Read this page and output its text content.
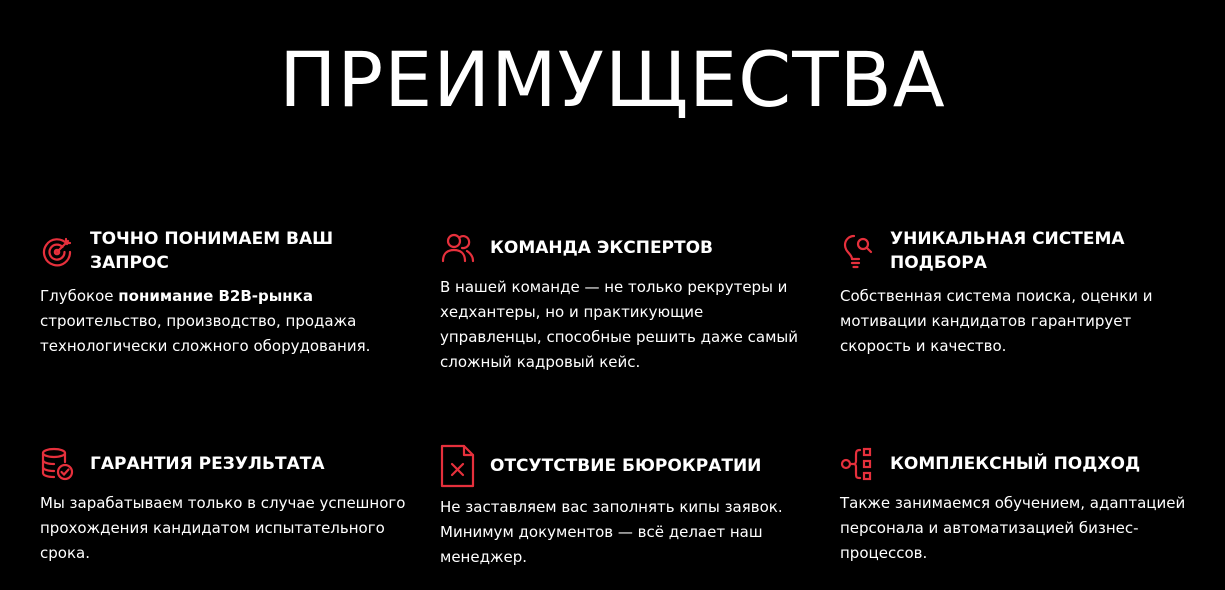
ПРЕИМУЩЕСТВА
ТОЧНО ПОНИМАЕМ ВАШ ЗАПРОС
Глубокое понимание B2B-рынка строительство, производство, продажа технологически сложного оборудования.
КОМАНДА ЭКСПЕРТОВ
В нашей команде — не только рекрутеры и хедхантеры, но и практикующие управленцы, способные решить даже самый сложный кадровый кейс.
УНИКАЛЬНАЯ СИСТЕМА ПОДБОРА
Собственная система поиска, оценки и мотивации кандидатов гарантирует скорость и качество.
ГАРАНТИЯ РЕЗУЛЬТАТА
Мы зарабатываем только в случае успешного прохождения кандидатом испытательного срока.
ОТСУТСТВИЕ БЮРОКРАТИИ
Не заставляем вас заполнять кипы заявок. Минимум документов — всё делает наш менеджер.
КОМПЛЕКСНЫЙ ПОДХОД
Также занимаемся обучением, адаптацией персонала и автоматизацией бизнес-процессов.
